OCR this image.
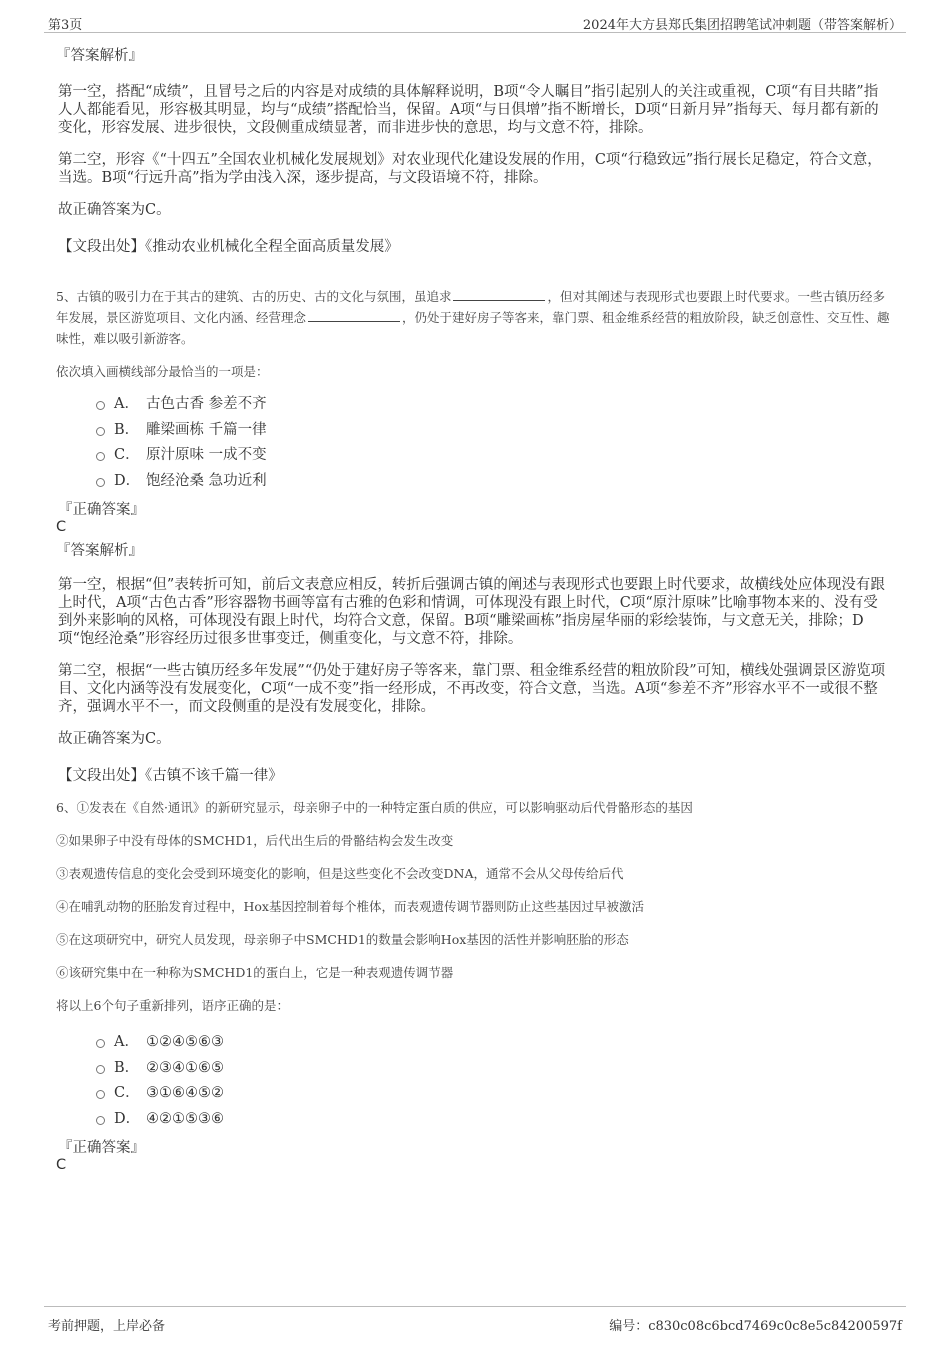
第3页	2024年大方县郑氏集团招聘笔试冲刺题（带答案解析）
『答案解析』

第一空，搭配“成绩”，且冒号之后的内容是对成绩的具体解释说明，B项“令人瞩目”指引起别人的关注或重视，C项“有目共睹”指人人都能看见，形容极其明显，均与“成绩”搭配恰当，保留。A项“与日俱增”指不断增长，D项“日新月异”指每天、每月都有新的变化，形容发展、进步很快，文段侧重成绩显著，而非进步快的意思，均与文意不符，排除。

第二空，形容《“十四五”全国农业机械化发展规划》对农业现代化建设发展的作用，C项“行稳致远”指行展长足稳定，符合文意，当选。B项“行远升高”指为学由浅入深，逐步提高，与文段语境不符，排除。

故正确答案为C。

【文段出处】《推动农业机械化全程全面高质量发展》

5、古镇的吸引力在于其古的建筑、古的历史、古的文化与氛围，虽追求	，但对其阐述与表现形式也要跟上时代要求。一些古镇历经多年发展，景区游览项目、文化内涵、经营理念	，仍处于建好房子等客来，靠门票、租金维系经营的粗放阶段，缺乏创意性、交互性、趣味性，难以吸引新游客。

依次填入画横线部分最恰当的一项是：

A． 古色古香 参差不齐
B． 雕梁画栋 千篇一律
C． 原汁原味 一成不变
D． 饱经沧桑 急功近利
『正确答案』
C
『答案解析』

第一空，根据“但”表转折可知，前后文表意应相反，转折后强调古镇的阐述与表现形式也要跟上时代要求，故横线处应体现没有跟上时代，A项“古色古香”形容器物书画等富有古雅的色彩和情调，可体现没有跟上时代，C项“原汁原味”比喻事物本来的、没有受到外来影响的风格，可体现没有跟上时代，均符合文意，保留。B项“雕梁画栋”指房屋华丽的彩绘装饰，与文意无关，排除；D项“饱经沧桑”形容经历过很多世事变迁，侧重变化，与文意不符，排除。

第二空，根据“一些古镇历经多年发展”“仍处于建好房子等客来，靠门票、租金维系经营的粗放阶段”可知，横线处强调景区游览项目、文化内涵等没有发展变化，C项“一成不变”指一经形成，不再改变，符合文意，当选。A项“参差不齐”形容水平不一或很不整齐，强调水平不一，而文段侧重的是没有发展变化，排除。

故正确答案为C。

【文段出处】《古镇不该千篇一律》

6、①发表在《自然·通讯》的新研究显示，母亲卵子中的一种特定蛋白质的供应，可以影响驱动后代骨骼形态的基因

②如果卵子中没有母体的SMCHD1，后代出生后的骨骼结构会发生改变

③表观遗传信息的变化会受到环境变化的影响，但是这些变化不会改变DNA，通常不会从父母传给后代

④在哺乳动物的胚胎发育过程中，Hox基因控制着每个椎体，而表观遗传调节器则防止这些基因过早被激活

⑤在这项研究中，研究人员发现，母亲卵子中SMCHD1的数量会影响Hox基因的活性并影响胚胎的形态

⑥该研究集中在一种称为SMCHD1的蛋白上，它是一种表观遗传调节器

将以上6个句子重新排列，语序正确的是：

A． ①②④⑤⑥③
B． ②③④①⑥⑤
C． ③①⑥④⑤②
D． ④②①⑤③⑥
『正确答案』
C
考前押题，上岸必备	编号：c830c08c6bcd7469c0c8e5c84200597f
